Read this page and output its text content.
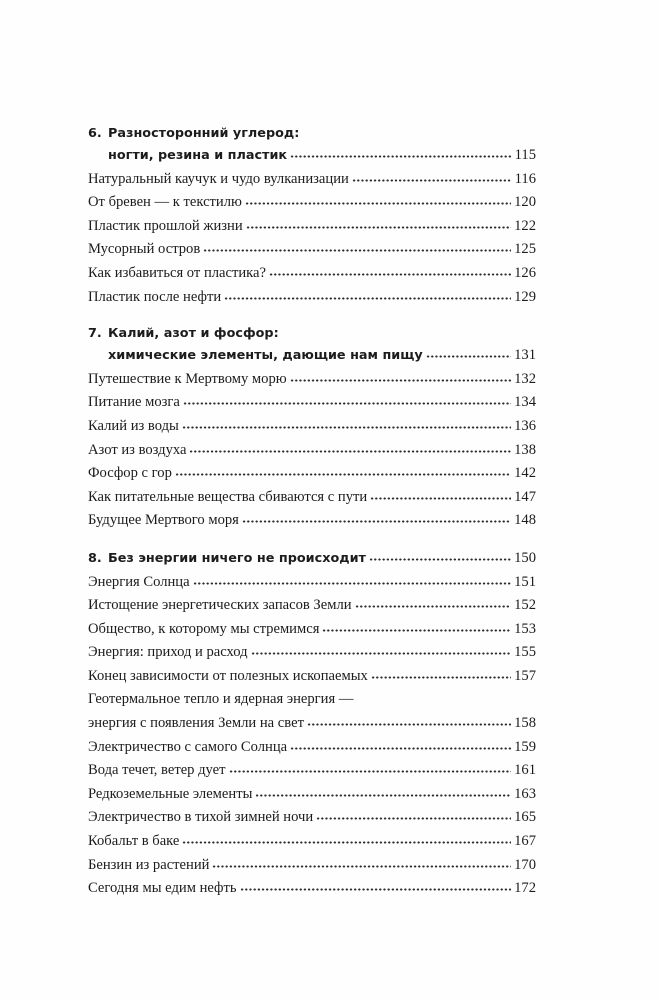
6. Разносторонний углерод:
ногти, резина и пластик	115
Натуральный каучук и чудо вулканизации	116
От бревен — к текстилю	120
Пластик прошлой жизни	122
Мусорный остров	125
Как избавиться от пластика?	126
Пластик после нефти	129
7. Калий, азот и фосфор:
химические элементы, дающие нам пищу	131
Путешествие к Мертвому морю	132
Питание мозга	134
Калий из воды	136
Азот из воздуха	138
Фосфор с гор	142
Как питательные вещества сбиваются с пути	147
Будущее Мертвого моря	148
8. Без энергии ничего не происходит	150
Энергия Солнца	151
Истощение энергетических запасов Земли	152
Общество, к которому мы стремимся	153
Энергия: приход и расход	155
Конец зависимости от полезных ископаемых	157
Геотермальное тепло и ядерная энергия —
энергия с появления Земли на свет	158
Электричество с самого Солнца	159
Вода течет, ветер дует	161
Редкоземельные элементы	163
Электричество в тихой зимней ночи	165
Кобальт в баке	167
Бензин из растений	170
Сегодня мы едим нефть	172
